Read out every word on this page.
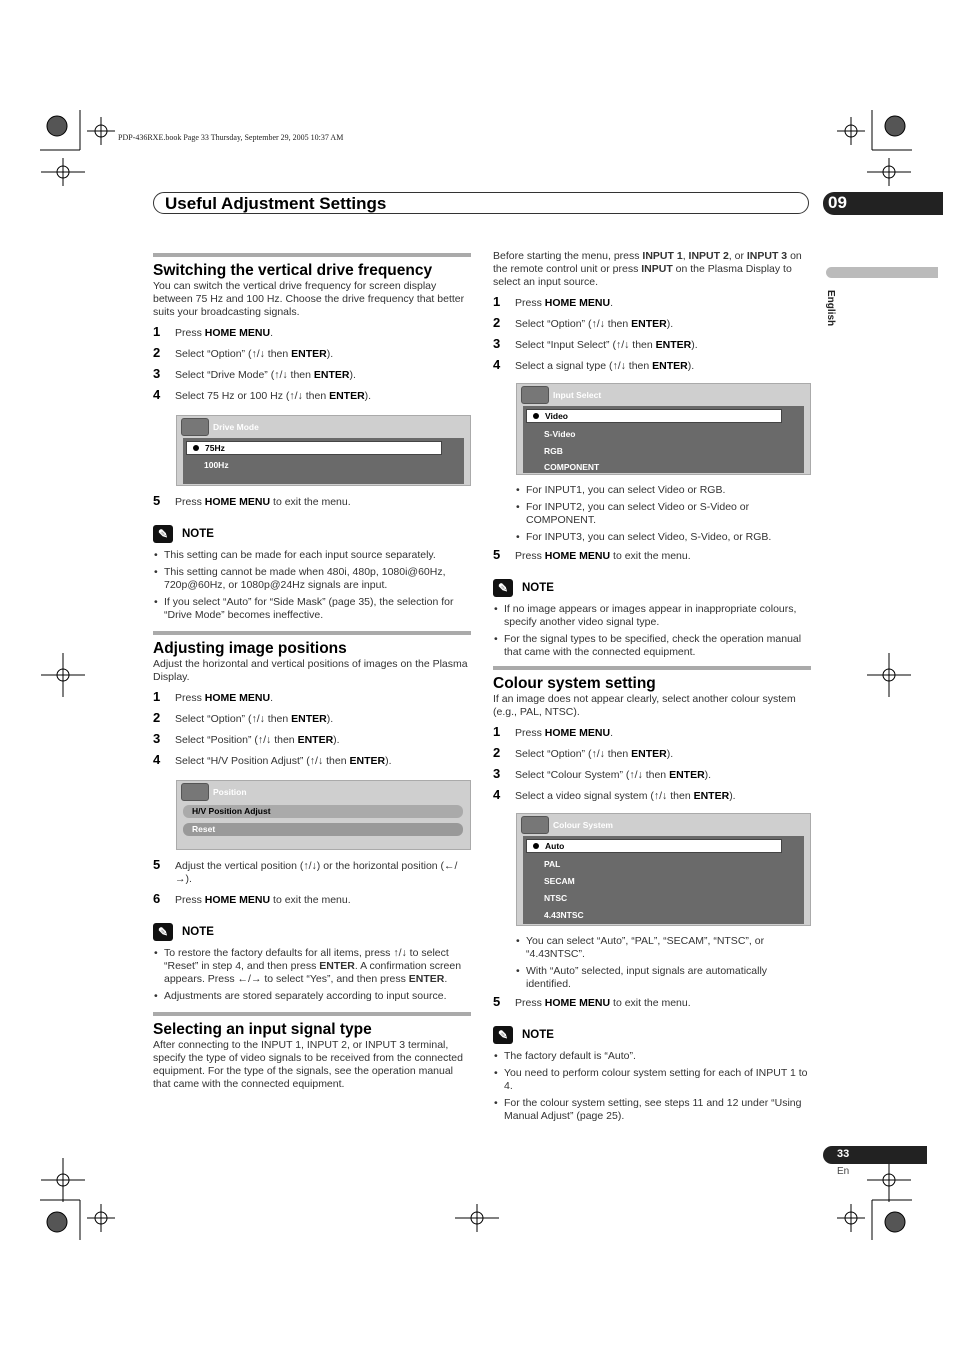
PDP-436RXE.book Page 33 Thursday, September 29, 2005 10:37 AM
Useful Adjustment Settings	09
English
Switching the vertical drive frequency

You can switch the vertical drive frequency for screen display between 75 Hz and 100 Hz. Choose the drive frequency that better suits your broadcasting signals.

1 Press HOME MENU.
2 Select “Option” (↑/↓ then ENTER).
3 Select “Drive Mode” (↑/↓ then ENTER).
4 Select 75 Hz or 100 Hz (↑/↓ then ENTER).
Drive Mode
75Hz
100Hz
5 Press HOME MENU to exit the menu.
✎ NOTE
• This setting can be made for each input source separately.
• This setting cannot be made when 480i, 480p, 1080i@60Hz, 720p@60Hz, or 1080p@24Hz signals are input.
• If you select “Auto” for “Side Mask” (page 35), the selection for “Drive Mode” becomes ineffective.
Adjusting image positions

Adjust the horizontal and vertical positions of images on the Plasma Display.

1 Press HOME MENU.
2 Select “Option” (↑/↓ then ENTER).
3 Select “Position” (↑/↓ then ENTER).
4 Select “H/V Position Adjust” (↑/↓ then ENTER).
Position
H/V Position Adjust
Reset
5 Adjust the vertical position (↑/↓) or the horizontal position (←/→).
6 Press HOME MENU to exit the menu.
✎ NOTE
• To restore the factory defaults for all items, press ↑/↓ to select “Reset” in step 4, and then press ENTER. A confirmation screen appears. Press ←/→ to select “Yes”, and then press ENTER.
• Adjustments are stored separately according to input source.
Selecting an input signal type

After connecting to the INPUT 1, INPUT 2, or INPUT 3 terminal, specify the type of video signals to be received from the connected equipment. For the type of the signals, see the operation manual that came with the connected equipment.

Before starting the menu, press INPUT 1, INPUT 2, or INPUT 3 on the remote control unit or press INPUT on the Plasma Display to select an input source.

1 Press HOME MENU.
2 Select “Option” (↑/↓ then ENTER).
3 Select “Input Select” (↑/↓ then ENTER).
4 Select a signal type (↑/↓ then ENTER).
Input Select
Video
S-Video
RGB
COMPONENT
• For INPUT1, you can select Video or RGB.
• For INPUT2, you can select Video or S-Video or COMPONENT.
• For INPUT3, you can select Video, S-Video, or RGB.
5 Press HOME MENU to exit the menu.
✎ NOTE
• If no image appears or images appear in inappropriate colours, specify another video signal type.
• For the signal types to be specified, check the operation manual that came with the connected equipment.
Colour system setting

If an image does not appear clearly, select another colour system (e.g., PAL, NTSC).

1 Press HOME MENU.
2 Select “Option” (↑/↓ then ENTER).
3 Select “Colour System” (↑/↓ then ENTER).
4 Select a video signal system (↑/↓ then ENTER).
Colour System
Auto
PAL
SECAM
NTSC
4.43NTSC
• You can select “Auto”, “PAL”, “SECAM”, “NTSC”, or “4.43NTSC”.
• With “Auto” selected, input signals are automatically identified.
5 Press HOME MENU to exit the menu.
✎ NOTE
• The factory default is “Auto”.
• You need to perform colour system setting for each of INPUT 1 to 4.
• For the colour system setting, see steps 11 and 12 under “Using Manual Adjust” (page 25).
33
En
